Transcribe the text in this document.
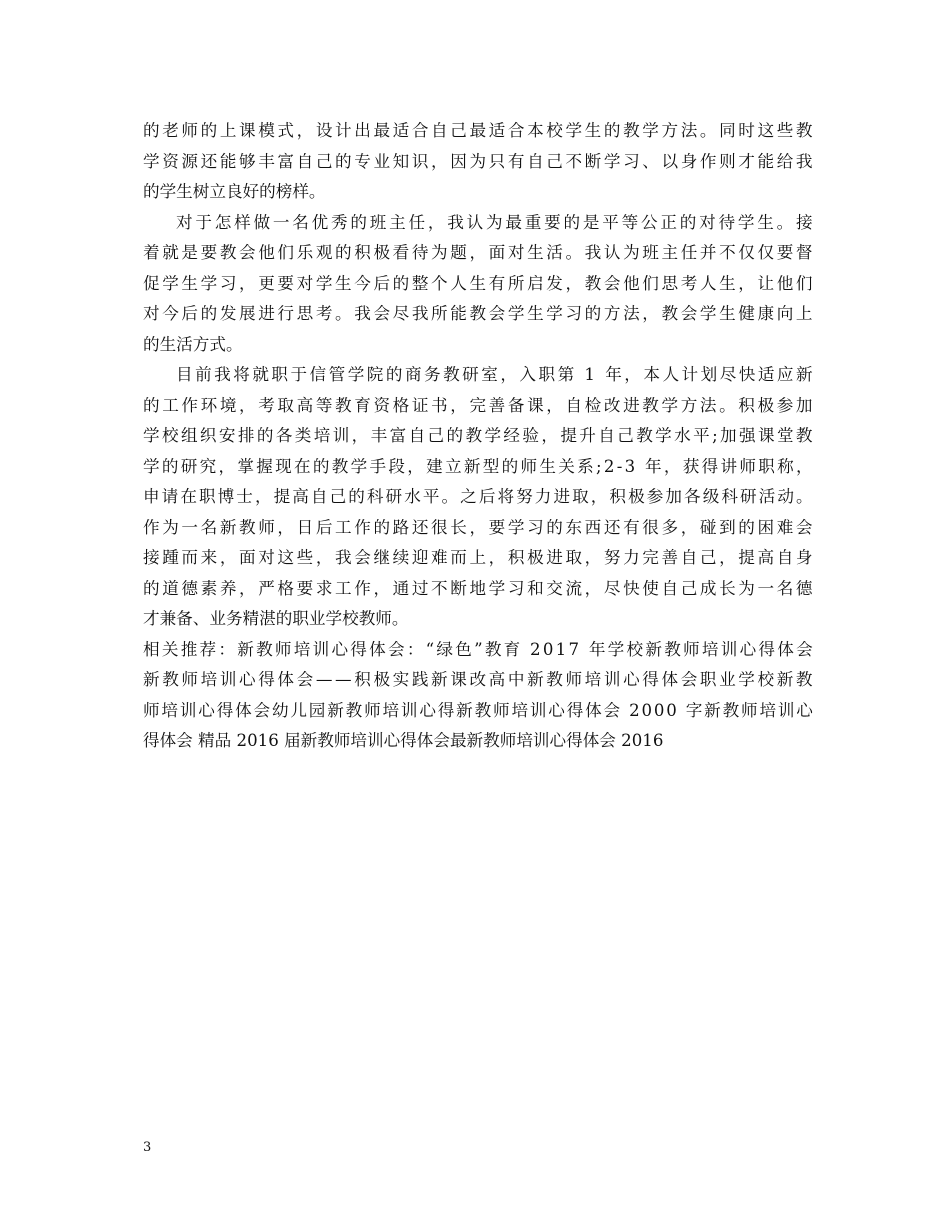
的 老 师 的 上 课 模 式 ， 设 计 出 最 适 合 自 己 最 适 合 本 校 学 生 的 教 学 方 法 。 同 时 这 些 教
学 资 源 还 能 够 丰 富 自 己 的 专 业 知 识 ， 因 为 只 有 自 己 不 断 学 习 、 以 身 作 则 才 能 给 我
的学生树立良好的榜样。
对 于 怎 样 做 一 名 优 秀 的 班 主 任 ， 我 认 为 最 重 要 的 是 平 等 公 正 的 对 待 学 生 。 接
着 就 是 要 教 会 他 们 乐 观 的 积 极 看 待 为 题 ， 面 对 生 活 。 我 认 为 班 主 任 并 不 仅 仅 要 督
促 学 生 学 习 ， 更 要 对 学 生 今 后 的 整 个 人 生 有 所 启 发 ， 教 会 他 们 思 考 人 生 ， 让 他 们
对 今 后 的 发 展 进 行 思 考 。 我 会 尽 我 所 能 教 会 学 生 学 习 的 方 法 ， 教 会 学 生 健 康 向 上
的生活方式。
目 前 我 将 就 职 于 信 管 学 院 的 商 务 教 研 室 ， 入 职 第
1
年 ， 本 人 计 划 尽 快 适 应 新
的 工 作 环 境 ， 考 取 高 等 教 育 资 格 证 书 ， 完 善 备 课 ， 自 检 改 进 教 学 方 法 。 积 极 参 加
学 校 组 织 安 排 的 各 类 培 训 ， 丰 富 自 己 的 教 学 经 验 ， 提 升 自 己 教 学 水 平 ; 加 强 课 堂 教
学 的 研 究 ， 掌 握 现 在 的 教 学 手 段 ， 建 立 新 型 的 师 生 关 系 ; 2 - 3
年 ， 获 得 讲 师 职 称 ，
申 请 在 职 博 士 ， 提 高 自 己 的 科 研 水 平 。 之 后 将 努 力 进 取 ， 积 极 参 加 各 级 科 研 活 动 。
作 为 一 名 新 教 师 ， 日 后 工 作 的 路 还 很 长 ， 要 学 习 的 东 西 还 有 很 多 ， 碰 到 的 困 难 会
接 踵 而 来 ， 面 对 这 些 ， 我 会 继 续 迎 难 而 上 ， 积 极 进 取 ， 努 力 完 善 自 己 ， 提 高 自 身
的 道 德 素 养 ， 严 格 要 求 工 作 ， 通 过 不 断 地 学 习 和 交 流 ， 尽 快 使 自 己 成 长 为 一 名 德
才兼备、业务精湛的职业学校教师。
相 关 推 荐 ： 新 教 师 培 训 心 得 体 会 ： “ 绿 色 ” 教 育
2 0 1 7
年 学 校 新 教 师 培 训 心 得 体 会
新 教 师 培 训 心 得 体 会 — — 积 极 实 践 新 课 改 高 中 新 教 师 培 训 心 得 体 会 职 业 学 校 新 教
师 培 训 心 得 体 会 幼 儿 园 新 教 师 培 训 心 得 新 教 师 培 训 心 得 体 会
2 0 0 0
字 新 教 师 培 训 心
得体会 精品 2016 届新教师培训心得体会最新教师培训心得体会 2016
3
